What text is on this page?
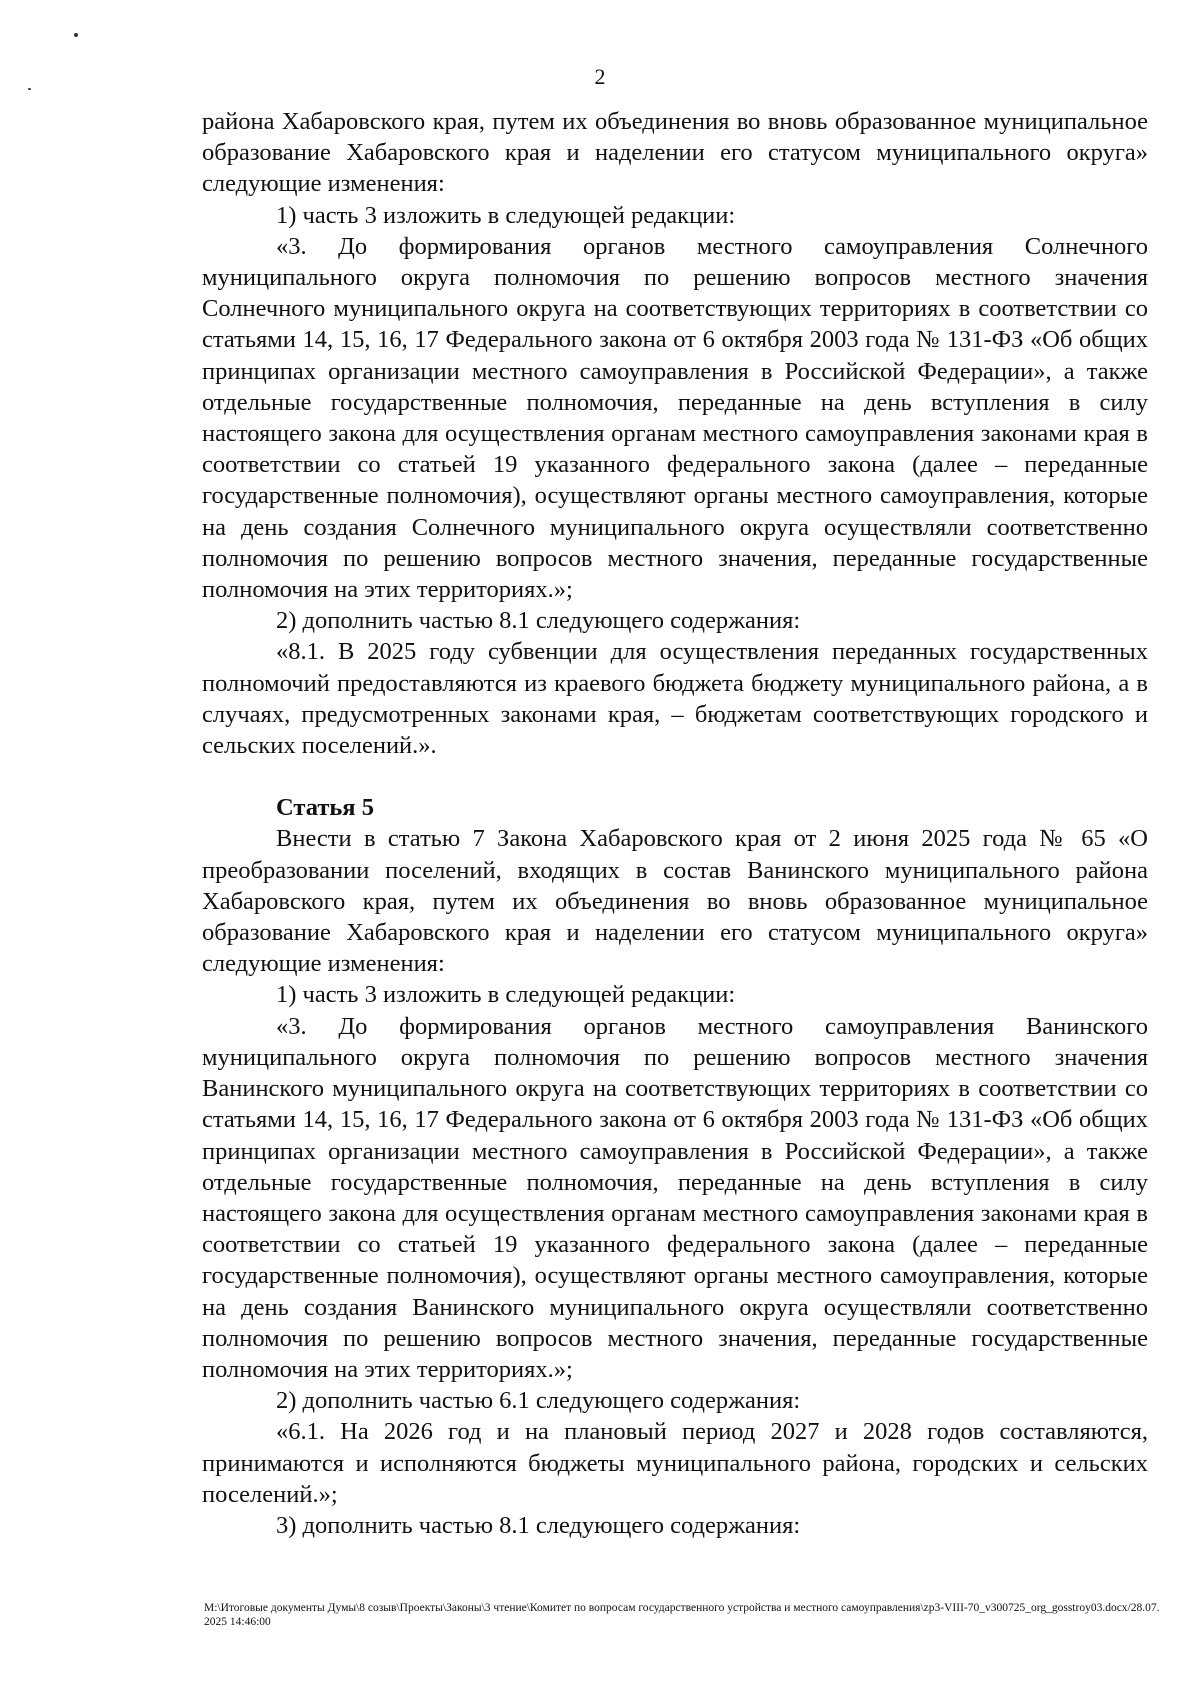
2

района Хабаровского края, путем их объединения во вновь образованное муниципальное образование Хабаровского края и наделении его статусом муниципального округа» следующие изменения:

1) часть 3 изложить в следующей редакции:

«3. До формирования органов местного самоуправления Солнечного муниципального округа полномочия по решению вопросов местного значения Солнечного муниципального округа на соответствующих территориях в соответствии со статьями 14, 15, 16, 17 Федерального закона от 6 октября 2003 года № 131-ФЗ «Об общих принципах организации местного самоуправления в Российской Федерации», а также отдельные государственные полномочия, переданные на день вступления в силу настоящего закона для осуществления органам местного самоуправления законами края в соответствии со статьей 19 указанного федерального закона (далее – переданные государственные полномочия), осуществляют органы местного самоуправления, которые на день создания Солнечного муниципального округа осуществляли соответственно полномочия по решению вопросов местного значения, переданные государственные полномочия на этих территориях.»;

2) дополнить частью 8.1 следующего содержания:

«8.1. В 2025 году субвенции для осуществления переданных государственных полномочий предоставляются из краевого бюджета бюджету муниципального района, а в случаях, предусмотренных законами края, – бюджетам соответствующих городского и сельских поселений.».

Статья 5

Внести в статью 7 Закона Хабаровского края от 2 июня 2025 года № 65 «О преобразовании поселений, входящих в состав Ванинского муниципального района Хабаровского края, путем их объединения во вновь образованное муниципальное образование Хабаровского края и наделении его статусом муниципального округа» следующие изменения:

1) часть 3 изложить в следующей редакции:

«3. До формирования органов местного самоуправления Ванинского муниципального округа полномочия по решению вопросов местного значения Ванинского муниципального округа на соответствующих территориях в соответствии со статьями 14, 15, 16, 17 Федерального закона от 6 октября 2003 года № 131-ФЗ «Об общих принципах организации местного самоуправления в Российской Федерации», а также отдельные государственные полномочия, переданные на день вступления в силу настоящего закона для осуществления органам местного самоуправления законами края в соответствии со статьей 19 указанного федерального закона (далее – переданные государственные полномочия), осуществляют органы местного самоуправления, которые на день создания Ванинского муниципального округа осуществляли соответственно полномочия по решению вопросов местного значения, переданные государственные полномочия на этих территориях.»;

2) дополнить частью 6.1 следующего содержания:

«6.1. На 2026 год и на плановый период 2027 и 2028 годов составляются, принимаются и исполняются бюджеты муниципального района, городских и сельских поселений.»;

3) дополнить частью 8.1 следующего содержания:

M:\Итоговые документы Думы\8 созыв\Проекты\Законы\3 чтение\Комитет по вопросам государственного устройства и местного самоуправления\zp3-VIII-70_v300725_org_gosstroy03.docx/28.07.2025 14:46:00
